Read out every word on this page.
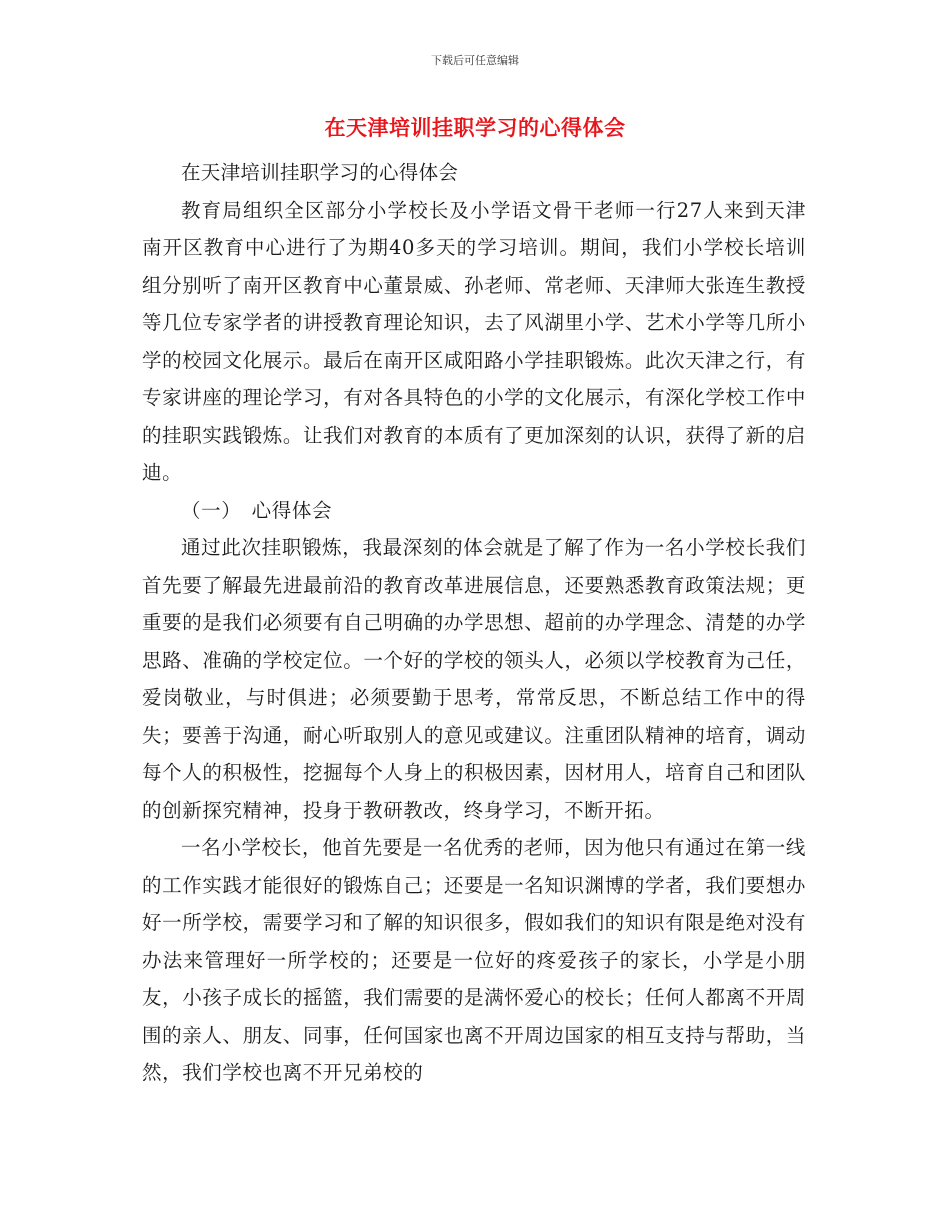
下载后可任意编辑
在天津培训挂职学习的心得体会

在天津培训挂职学习的心得体会

教育局组织全区部分小学校长及小学语文骨干老师一行27人来到天津南开区教育中心进行了为期40多天的学习培训。期间，我们小学校长培训组分别听了南开区教育中心董景威、孙老师、常老师、天津师大张连生教授等几位专家学者的讲授教育理论知识，去了风湖里小学、艺术小学等几所小学的校园文化展示。最后在南开区咸阳路小学挂职锻炼。此次天津之行，有专家讲座的理论学习，有对各具特色的小学的文化展示，有深化学校工作中的挂职实践锻炼。让我们对教育的本质有了更加深刻的认识，获得了新的启迪。

（一）　心得体会

通过此次挂职锻炼，我最深刻的体会就是了解了作为一名小学校长我们首先要了解最先进最前沿的教育改革进展信息，还要熟悉教育政策法规；更重要的是我们必须要有自己明确的办学思想、超前的办学理念、清楚的办学思路、准确的学校定位。一个好的学校的领头人，必须以学校教育为己任，爱岗敬业，与时俱进；必须要勤于思考，常常反思，不断总结工作中的得失；要善于沟通，耐心听取别人的意见或建议。注重团队精神的培育，调动每个人的积极性，挖掘每个人身上的积极因素，因材用人，培育自己和团队的创新探究精神，投身于教研教改，终身学习，不断开拓。

一名小学校长，他首先要是一名优秀的老师，因为他只有通过在第一线的工作实践才能很好的锻炼自己；还要是一名知识渊博的学者，我们要想办好一所学校，需要学习和了解的知识很多，假如我们的知识有限是绝对没有办法来管理好一所学校的；还要是一位好的疼爱孩子的家长，小学是小朋友，小孩子成长的摇篮，我们需要的是满怀爱心的校长；任何人都离不开周围的亲人、朋友、同事，任何国家也离不开周边国家的相互支持与帮助，当然，我们学校也离不开兄弟校的
